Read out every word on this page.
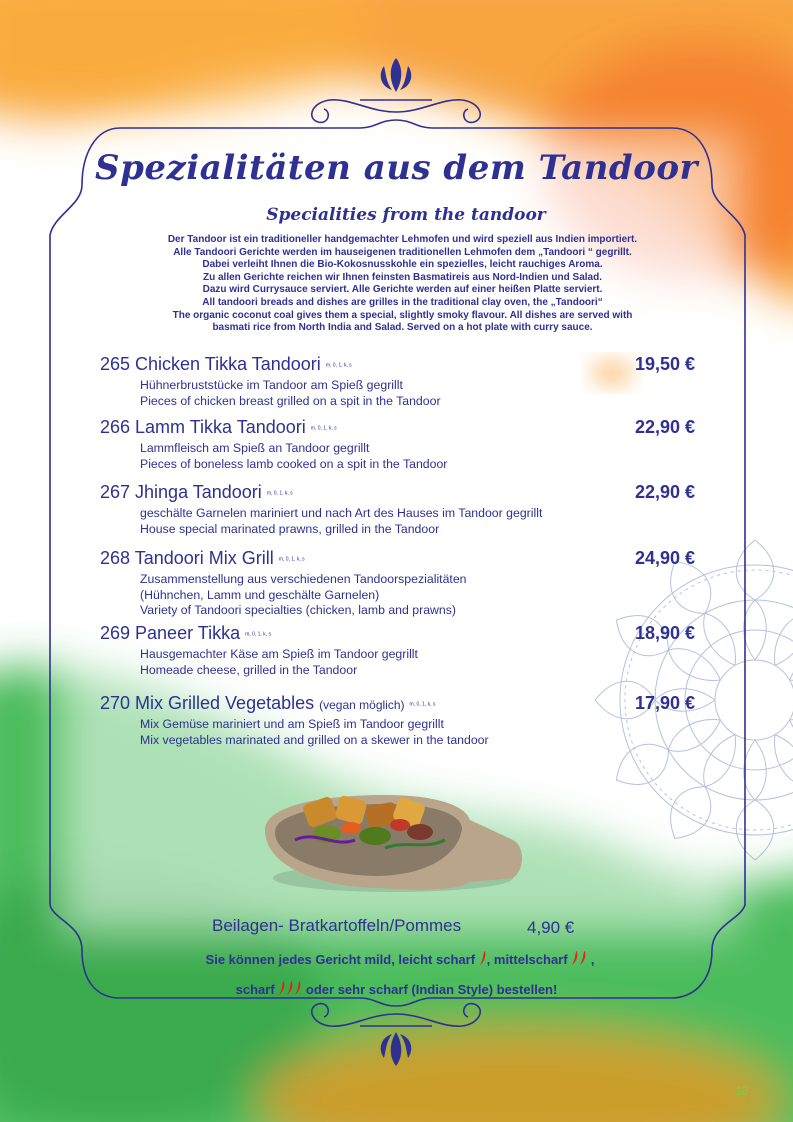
Spezialitäten aus dem Tandoor
Specialities from the tandoor
Der Tandoor ist ein traditioneller handgemachter Lehmofen und wird speziell aus Indien importiert.
Alle Tandoori Gerichte werden im hauseigenen traditionellen Lehmofen dem „Tandoori “ gegrillt.
Dabei verleiht Ihnen die Bio-Kokosnusskohle ein spezielles, leicht rauchiges Aroma.
Zu allen Gerichte reichen wir Ihnen feinsten Basmatireis aus Nord-Indien und Salad.
Dazu wird Currysauce serviert. Alle Gerichte werden auf einer heißen Platte serviert.
All tandoori breads and dishes are grilles in the traditional clay oven, the „Tandoori“
The organic coconut coal gives them a special, slightly smoky flavour. All dishes are served with
basmati rice from North India and Salad. Served on a hot plate with curry sauce.
265 Chicken Tikka Tandoori m, 0, 1, k, s	19,50 €
Hühnerbruststücke im Tandoor am Spieß gegrillt
Pieces of chicken breast grilled on a spit in the Tandoor
266 Lamm Tikka Tandoori m, 0, 1, k, s	22,90 €
Lammfleisch am Spieß an Tandoor gegrillt
Pieces of boneless lamb cooked on a spit in the Tandoor
267 Jhinga Tandoori m, 0, 1, k, s	22,90 €
geschälte Garnelen mariniert und nach Art des Hauses im Tandoor gegrillt
House special marinated prawns, grilled in the Tandoor
268 Tandoori Mix Grill m, 0, 1, k, s	24,90 €
Zusammenstellung aus verschiedenen Tandoorspezialitäten
(Hühnchen, Lamm und geschälte Garnelen)
Variety of Tandoori specialties (chicken, lamb and prawns)
269 Paneer Tikka m, 0, 1, k, s	18,90 €
Hausgemachter Käse am Spieß im Tandoor gegrillt
Homeade cheese, grilled in the Tandoor
270 Mix Grilled Vegetables (vegan möglich) m, 0, 1, k, s	17,90 €
Mix Gemüse mariniert und am Spieß im Tandoor gegrillt
Mix vegetables marinated and grilled on a skewer in the tandoor
Beilagen- Bratkartoffeln/Pommes	4,90 €
Sie können jedes Gericht mild, leicht scharf , mittelscharf  ,
scharf  oder sehr scharf (Indian Style) bestellen!
18
